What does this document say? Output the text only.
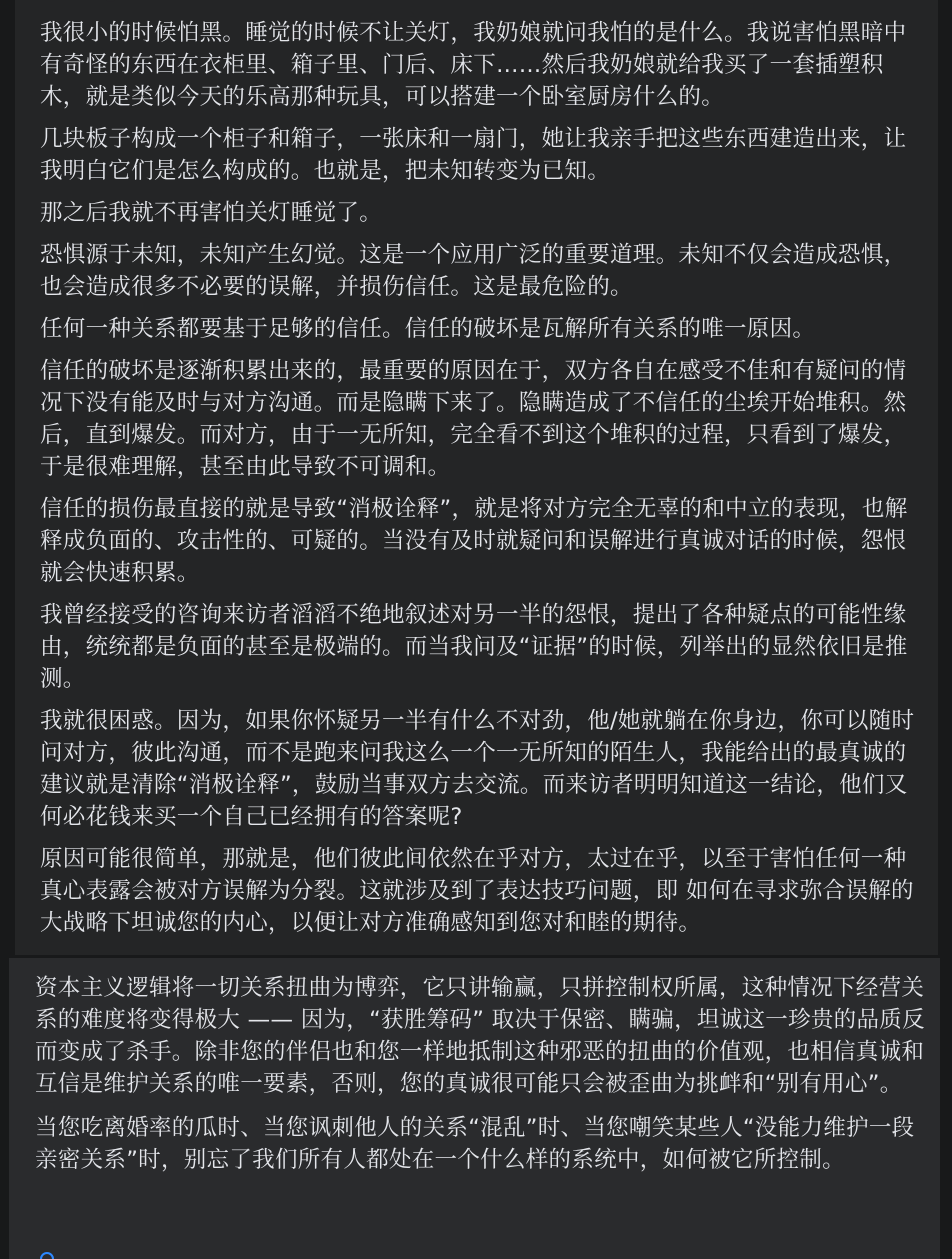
我很小的时候怕黑。睡觉的时候不让关灯，我奶娘就问我怕的是什么。我说害怕黑暗中有奇怪的东西在衣柜里、箱子里、门后、床下……然后我奶娘就给我买了一套插塑积木，就是类似今天的乐高那种玩具，可以搭建一个卧室厨房什么的。

几块板子构成一个柜子和箱子，一张床和一扇门，她让我亲手把这些东西建造出来，让我明白它们是怎么构成的。也就是，把未知转变为已知。

那之后我就不再害怕关灯睡觉了。

恐惧源于未知，未知产生幻觉。这是一个应用广泛的重要道理。未知不仅会造成恐惧，也会造成很多不必要的误解，并损伤信任。这是最危险的。

任何一种关系都要基于足够的信任。信任的破坏是瓦解所有关系的唯一原因。

信任的破坏是逐渐积累出来的，最重要的原因在于，双方各自在感受不佳和有疑问的情况下没有能及时与对方沟通。而是隐瞒下来了。隐瞒造成了不信任的尘埃开始堆积。然后，直到爆发。而对方，由于一无所知，完全看不到这个堆积的过程，只看到了爆发，于是很难理解，甚至由此导致不可调和。

信任的损伤最直接的就是导致“消极诠释”，就是将对方完全无辜的和中立的表现，也解释成负面的、攻击性的、可疑的。当没有及时就疑问和误解进行真诚对话的时候，怨恨就会快速积累。

我曾经接受的咨询来访者滔滔不绝地叙述对另一半的怨恨，提出了各种疑点的可能性缘由，统统都是负面的甚至是极端的。而当我问及“证据”的时候，列举出的显然依旧是推测。

我就很困惑。因为，如果你怀疑另一半有什么不对劲，他/她就躺在你身边，你可以随时问对方，彼此沟通，而不是跑来问我这么一个一无所知的陌生人，我能给出的最真诚的建议就是清除“消极诠释”，鼓励当事双方去交流。而来访者明明知道这一结论，他们又何必花钱来买一个自己已经拥有的答案呢?

原因可能很简单，那就是，他们彼此间依然在乎对方，太过在乎，以至于害怕任何一种真心表露会被对方误解为分裂。这就涉及到了表达技巧问题，即 如何在寻求弥合误解的大战略下坦诚您的内心，以便让对方准确感知到您对和睦的期待。

资本主义逻辑将一切关系扭曲为博弈，它只讲输赢，只拼控制权所属，这种情况下经营关系的难度将变得极大 —— 因为，“获胜筹码” 取决于保密、瞒骗，坦诚这一珍贵的品质反而变成了杀手。除非您的伴侣也和您一样地抵制这种邪恶的扭曲的价值观，也相信真诚和互信是维护关系的唯一要素，否则，您的真诚很可能只会被歪曲为挑衅和“别有用心”。

当您吃离婚率的瓜时、当您讽刺他人的关系“混乱”时、当您嘲笑某些人“没能力维护一段亲密关系”时，别忘了我们所有人都处在一个什么样的系统中，如何被它所控制。
